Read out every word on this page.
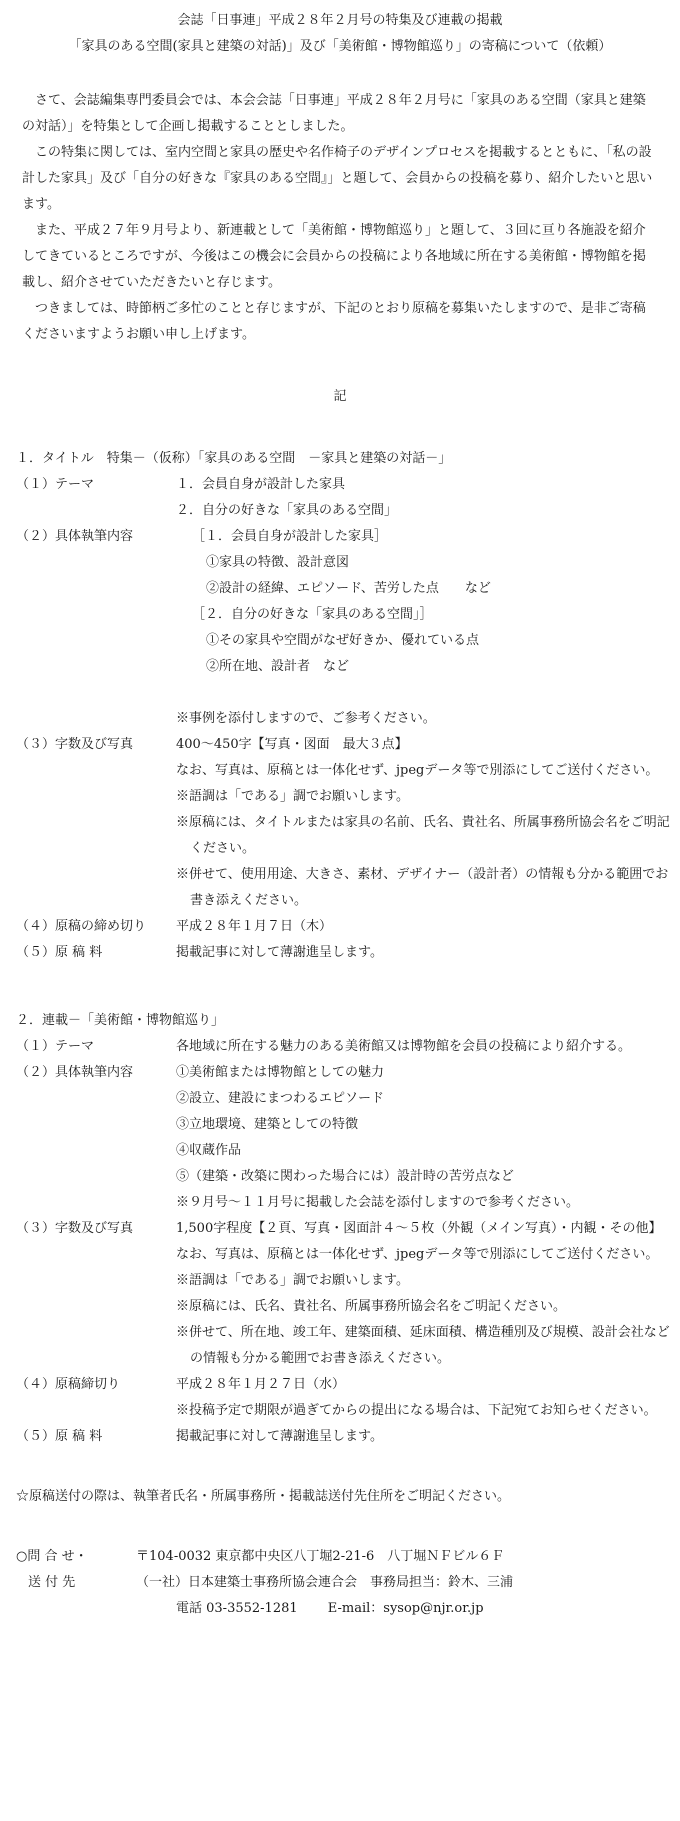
会誌「日事連」平成２８年２月号の特集及び連載の掲載
「家具のある空間(家具と建築の対話)」及び「美術館・博物館巡り」の寄稿について（依頼）

さて、会誌編集専門委員会では、本会会誌「日事連」平成２８年２月号に「家具のある空間（家具と建築の対話）」を特集として企画し掲載することとしました。

この特集に関しては、室内空間と家具の歴史や名作椅子のデザインプロセスを掲載するとともに、「私の設計した家具」及び「自分の好きな『家具のある空間』」と題して、会員からの投稿を募り、紹介したいと思います。

また、平成２７年９月号より、新連載として「美術館・博物館巡り」と題して、３回に亘り各施設を紹介してきているところですが、今後はこの機会に会員からの投稿により各地域に所在する美術館・博物館を掲載し、紹介させていただきたいと存じます。

つきましては、時節柄ご多忙のことと存じますが、下記のとおり原稿を募集いたしますので、是非ご寄稿くださいますようお願い申し上げます。

記
１．タイトル　特集－（仮称）「家具のある空間　－家具と建築の対話－」
（１）テーマ	１．会員自身が設計した家具
２．自分の好きな「家具のある空間」
（２）具体執筆内容	［１．会員自身が設計した家具］
①家具の特徴、設計意図
②設計の経緯、エピソード、苦労した点　　など
［２．自分の好きな「家具のある空間」］
①その家具や空間がなぜ好きか、優れている点
②所在地、設計者　など
※事例を添付しますので、ご参考ください。
（３）字数及び写真	400～450字【写真・図面　最大３点】
なお、写真は、原稿とは一体化せず、jpegデータ等で別添にしてご送付ください。
※語調は「である」調でお願いします。
※原稿には、タイトルまたは家具の名前、氏名、貴社名、所属事務所協会名をご明記ください。
※併せて、使用用途、大きさ、素材、デザイナー（設計者）の情報も分かる範囲でお書き添えください。
（４）原稿の締め切り	平成２８年１月７日（木）
（５）原 稿 料	掲載記事に対して薄謝進呈します。
２．連載－「美術館・博物館巡り」
（１）テーマ	各地域に所在する魅力のある美術館又は博物館を会員の投稿により紹介する。
（２）具体執筆内容	①美術館または博物館としての魅力
②設立、建設にまつわるエピソード
③立地環境、建築としての特徴
④収蔵作品
⑤（建築・改築に関わった場合には）設計時の苦労点など
※９月号～１１月号に掲載した会誌を添付しますので参考ください。
（３）字数及び写真	1,500字程度【２頁、写真・図面計４～５枚（外観（メイン写真）・内観・その他】
なお、写真は、原稿とは一体化せず、jpegデータ等で別添にしてご送付ください。
※語調は「である」調でお願いします。
※原稿には、氏名、貴社名、所属事務所協会名をご明記ください。
※併せて、所在地、竣工年、建築面積、延床面積、構造種別及び規模、設計会社などの情報も分かる範囲でお書き添えください。
（４）原稿締切り	平成２８年１月２７日（水）
※投稿予定で期限が過ぎてからの提出になる場合は、下記宛てお知らせください。
（５）原 稿 料	掲載記事に対して薄謝進呈します。
☆原稿送付の際は、執筆者氏名・所属事務所・掲載誌送付先住所をご明記ください。
○問 合 せ・	〒104-0032 東京都中央区八丁堀2-21-6　八丁堀ＮＦビル６Ｆ
送 付 先	（一社）日本建築士事務所協会連合会　事務局担当：鈴木、三浦
電話 03-3552-1281　　 E-mail：sysop@njr.or.jp
